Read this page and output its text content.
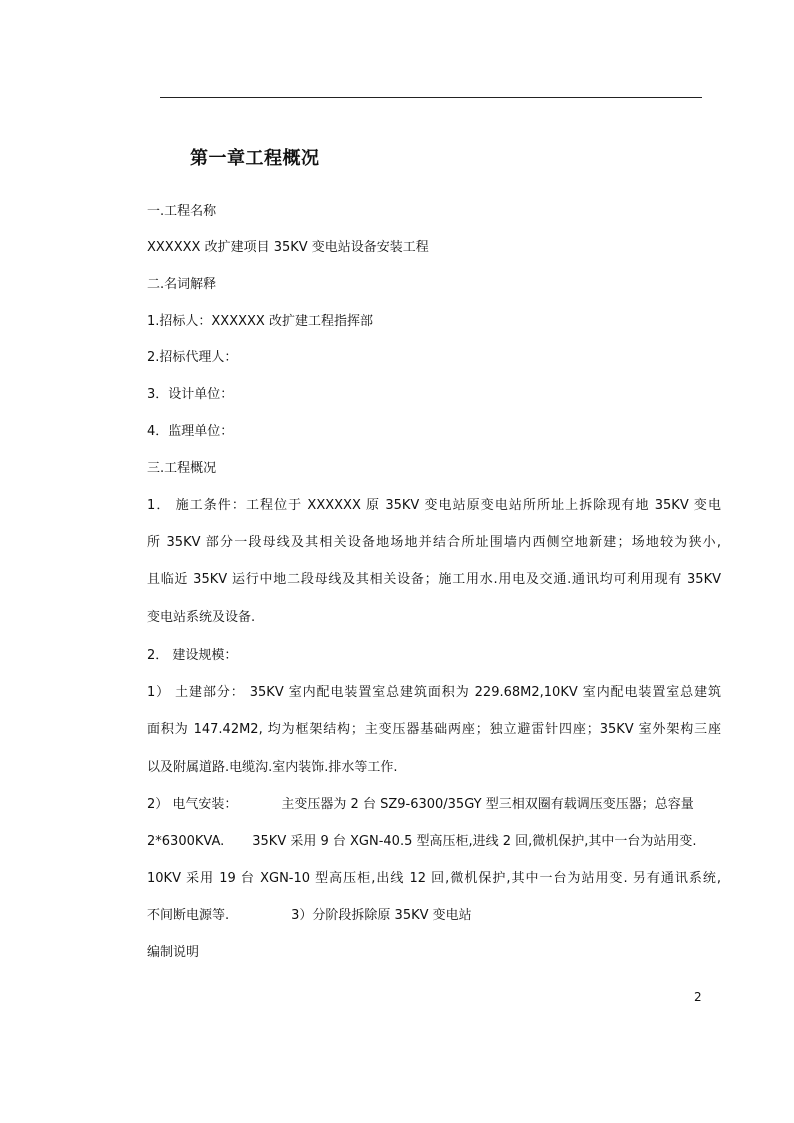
第一章工程概况
一.工程名称
XXXXXX 改扩建项目 35KV 变电站设备安装工程
二.名词解释
1.招标人：XXXXXX 改扩建工程指挥部
2.招标代理人：
3．设计单位：
4．监理单位：
三.工程概况
1． 施工条件：工程位于 XXXXXX 原 35KV 变电站原变电站所所址上拆除现有地 35KV 变电
所 35KV 部分一段母线及其相关设备地场地并结合所址围墙内西侧空地新建；场地较为狭小,
且临近 35KV 运行中地二段母线及其相关设备；施工用水.用电及交通.通讯均可利用现有 35KV
变电站系统及设备.
2． 建设规模：
1） 土建部分： 35KV 室内配电装置室总建筑面积为 229.68M2,10KV 室内配电装置室总建筑
面积为 147.42M2, 均为框架结构；主变压器基础两座；独立避雷针四座；35KV 室外架构三座
以及附属道路.电缆沟.室内装饰.排水等工作.
2） 电气安装：	主变压器为 2 台 SZ9-6300/35GY 型三相双圈有载调压变压器；总容量
2*6300KVA. 35KV 采用 9 台 XGN-40.5 型高压柜,进线 2 回,微机保护,其中一台为站用变.
10KV 采用 19 台 XGN-10 型高压柜,出线 12 回,微机保护,其中一台为站用变. 另有通讯系统,
不间断电源等.	3）分阶段拆除原 35KV 变电站
编制说明
2
